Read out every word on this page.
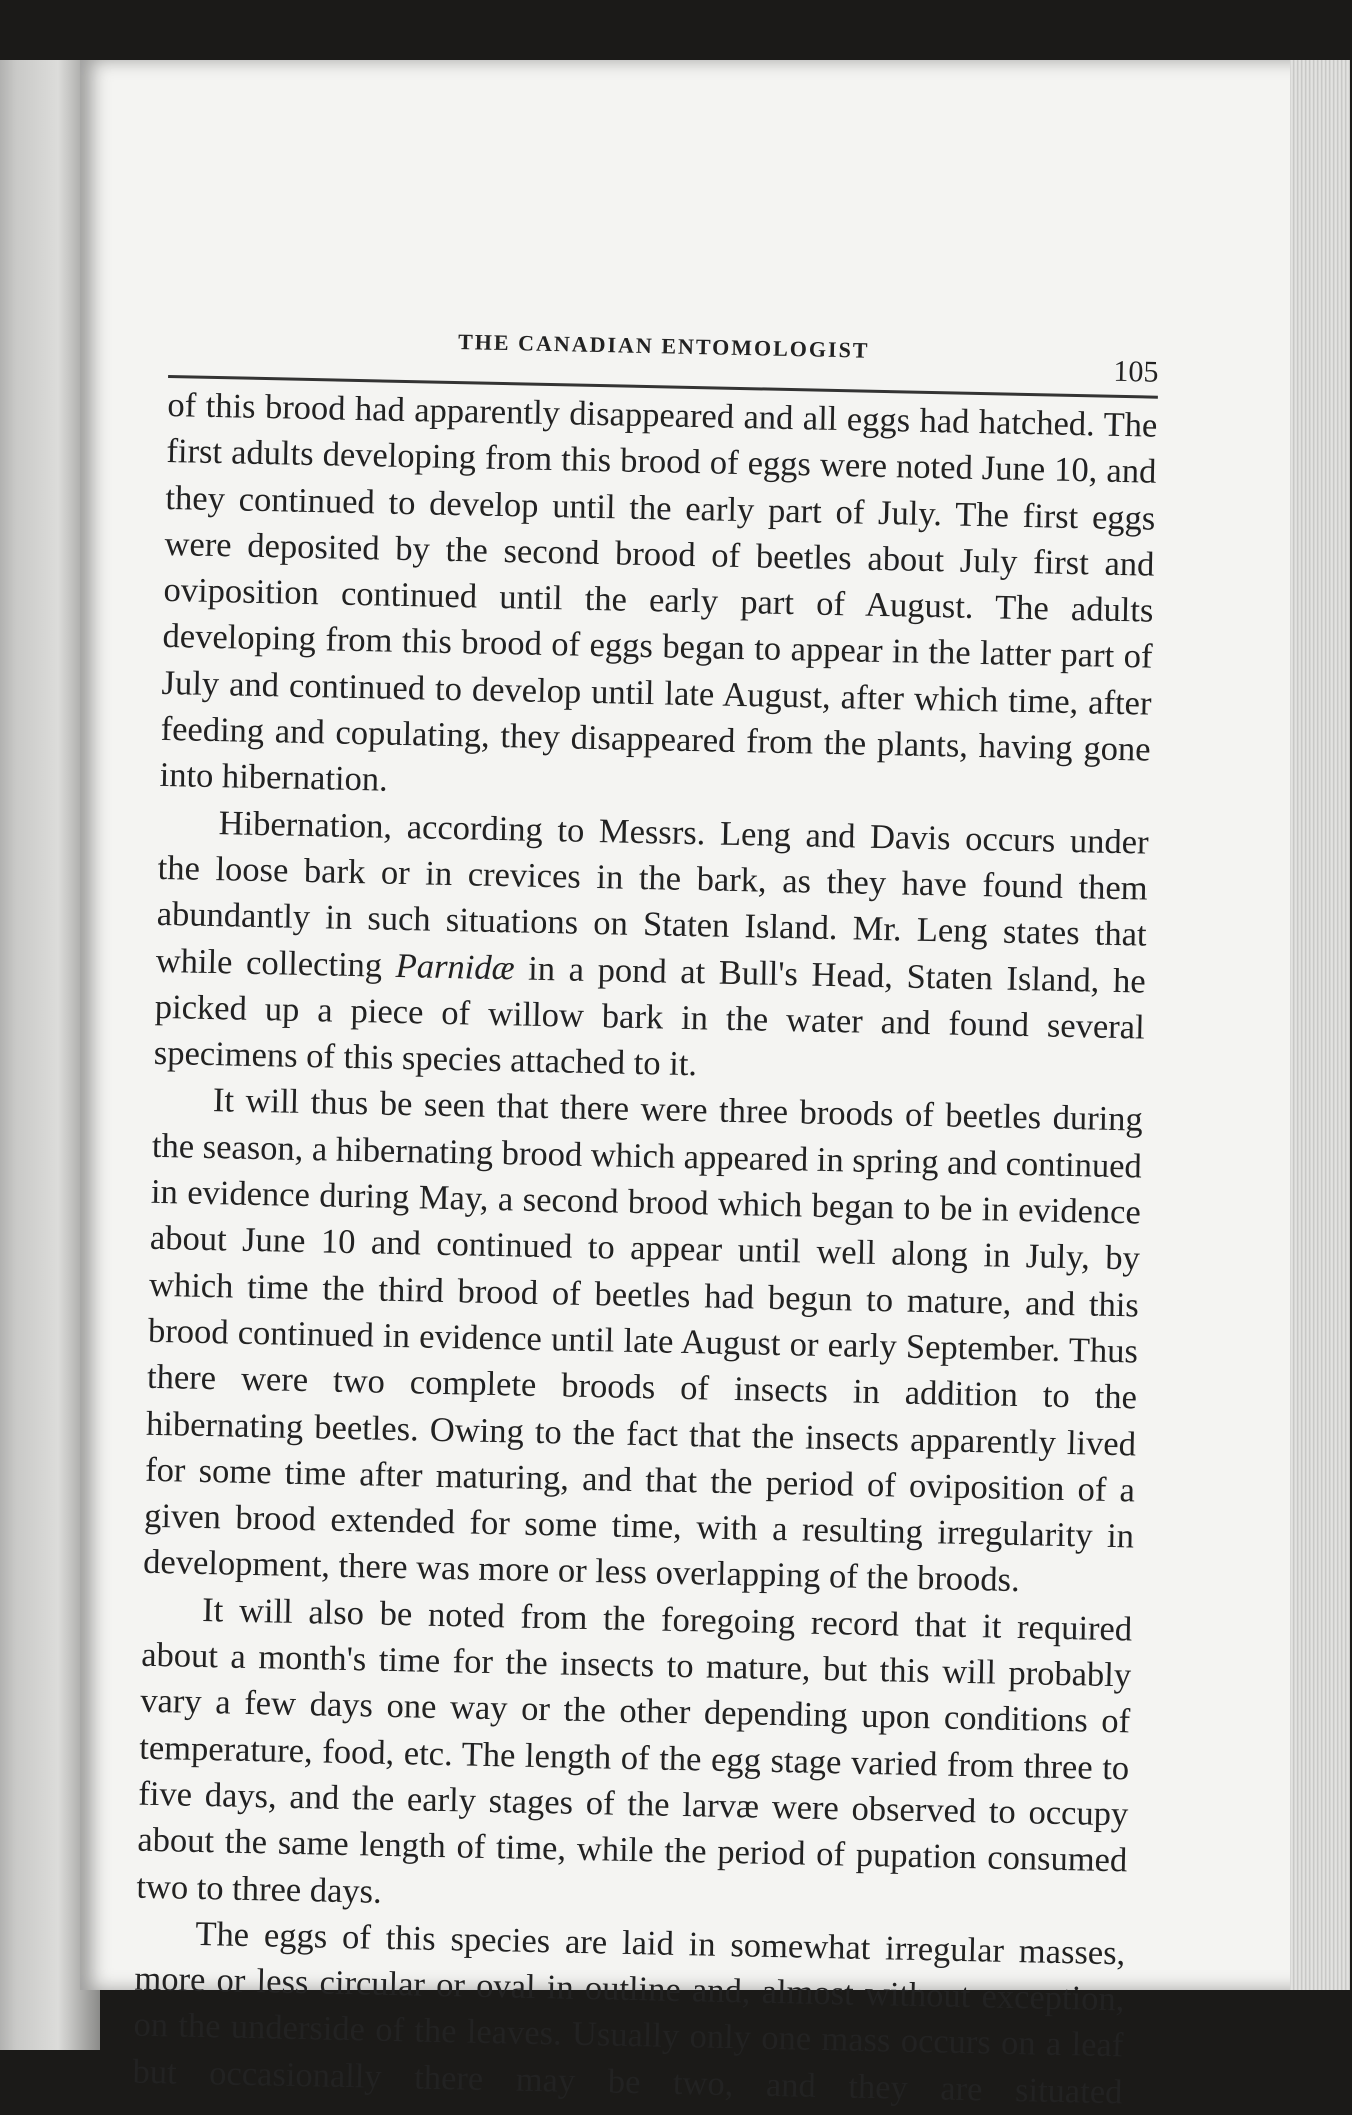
THE CANADIAN ENTOMOLOGIST
105

of this brood had apparently disappeared and all eggs had hatched. The first adults developing from this brood of eggs were noted June 10, and they continued to develop until the early part of July. The first eggs were deposited by the second brood of beetles about July first and oviposition continued until the early part of August. The adults developing from this brood of eggs began to appear in the latter part of July and continued to develop until late August, after which time, after feeding and copulating, they disappeared from the plants, having gone into hibernation.

Hibernation, according to Messrs. Leng and Davis occurs under the loose bark or in crevices in the bark, as they have found them abundantly in such situations on Staten Island. Mr. Leng states that while collecting Parnidæ in a pond at Bull's Head, Staten Island, he picked up a piece of willow bark in the water and found several specimens of this species attached to it.

It will thus be seen that there were three broods of beetles during the season, a hibernating brood which appeared in spring and continued in evidence during May, a second brood which began to be in evidence about June 10 and continued to appear until well along in July, by which time the third brood of beetles had begun to mature, and this brood continued in evidence until late August or early September. Thus there were two complete broods of insects in addition to the hibernating beetles. Owing to the fact that the insects apparently lived for some time after maturing, and that the period of oviposition of a given brood extended for some time, with a resulting irregularity in development, there was more or less overlapping of the broods.

It will also be noted from the foregoing record that it required about a month's time for the insects to mature, but this will probably vary a few days one way or the other depending upon conditions of temperature, food, etc. The length of the egg stage varied from three to five days, and the early stages of the larvæ were observed to occupy about the same length of time, while the period of pupation consumed two to three days.

The eggs of this species are laid in somewhat irregular masses, more or less circular or oval in outline and, almost without exception, on the underside of the leaves. Usually only one mass occurs on a leaf but occasionally there may be two, and they are situated
